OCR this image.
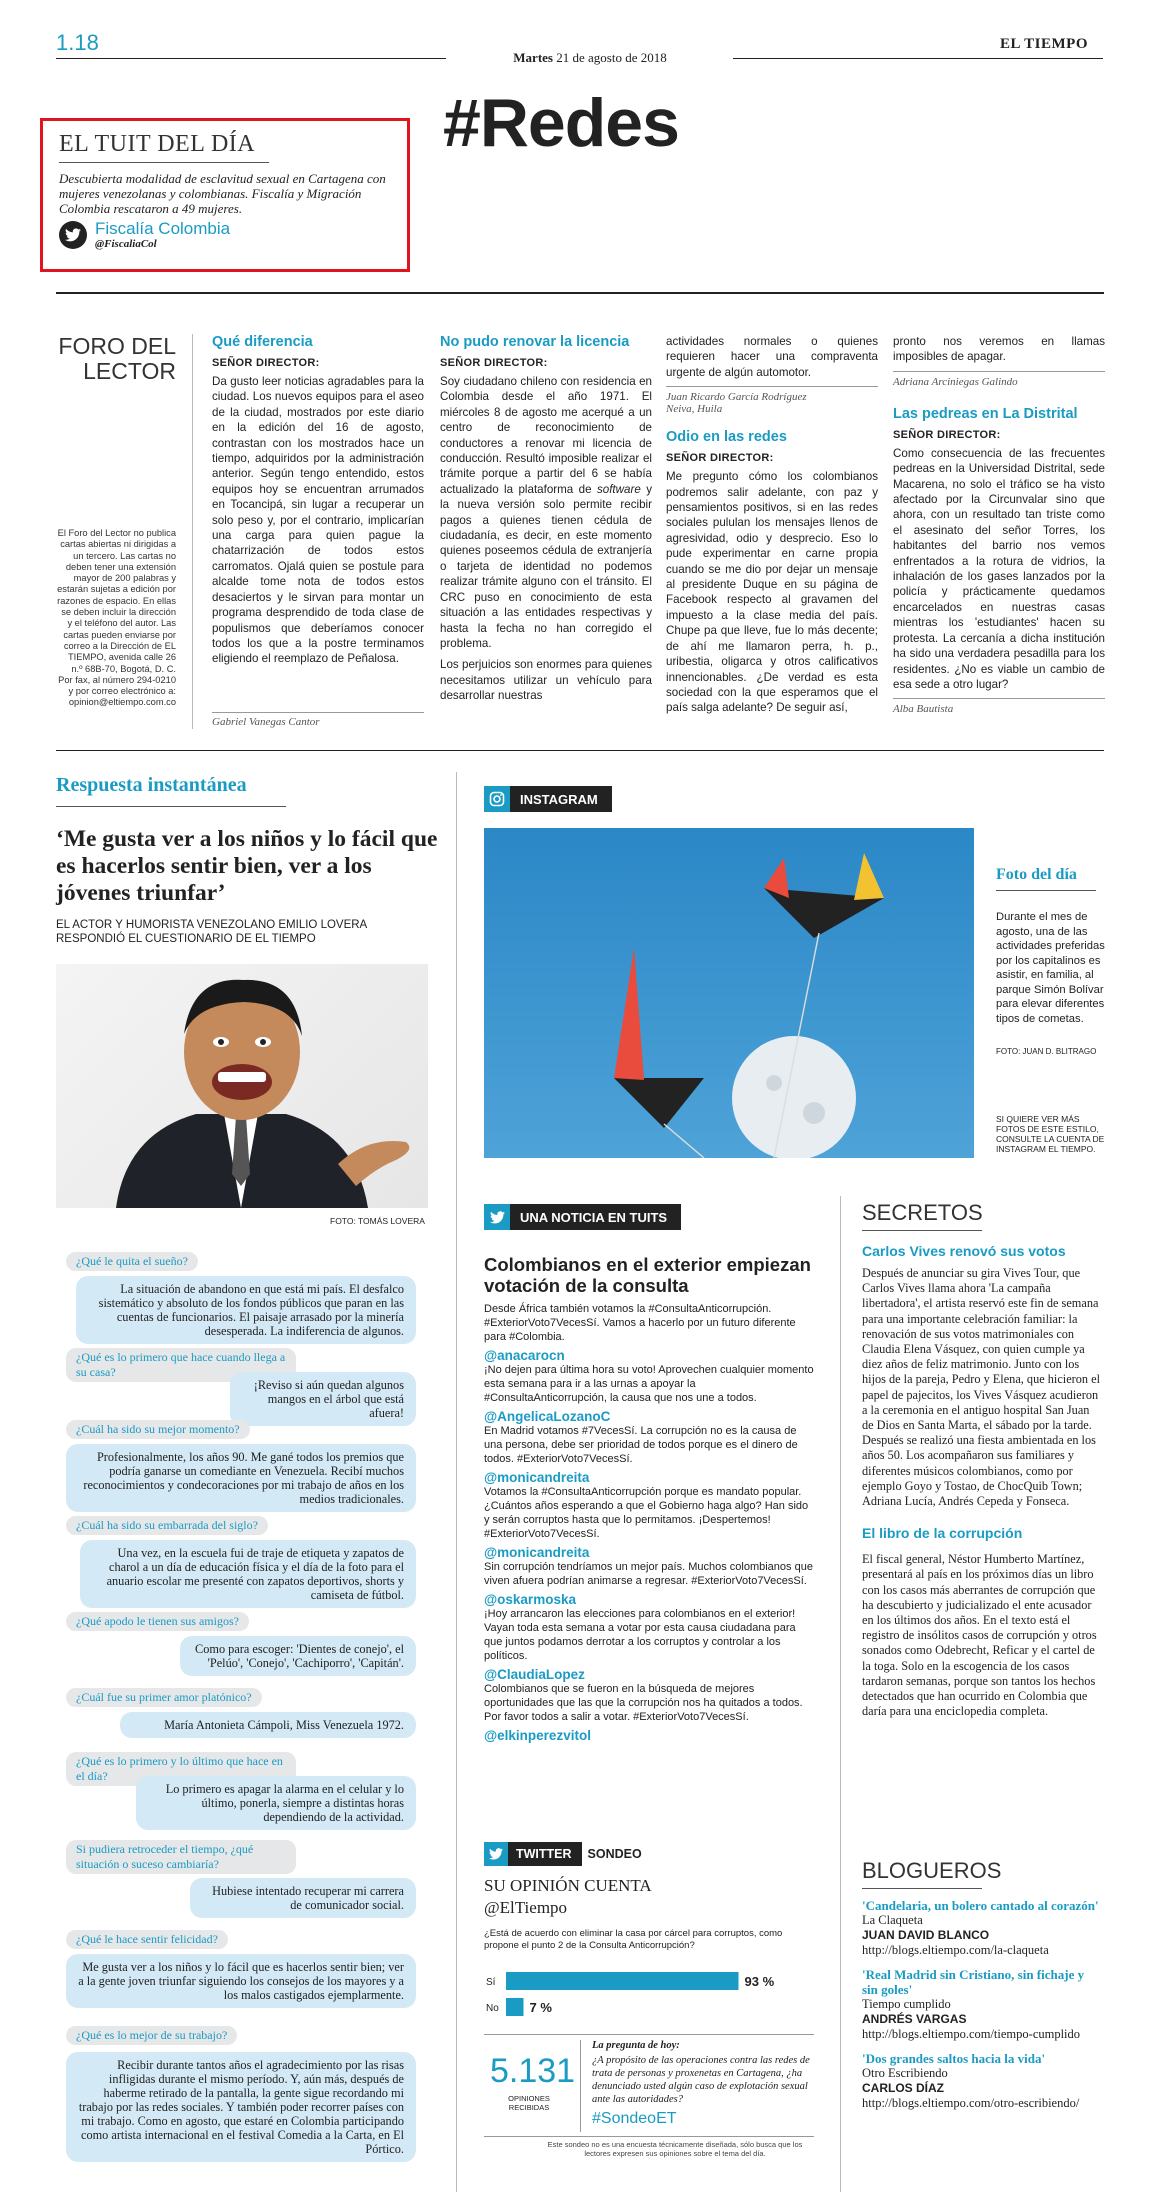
1.18
Martes 21 de agosto de 2018
EL TIEMPO
#Redes
EL TUIT DEL DÍA
Descubierta modalidad de esclavitud sexual en Cartagena con mujeres venezolanas y colombianas. Fiscalía y Migración Colombia rescataron a 49 mujeres.
Fiscalía Colombia
@FiscaliaCol
FORO DEL
LECTOR
El Foro del Lector no publica cartas abiertas ni dirigidas a un tercero. Las cartas no deben tener una extensión mayor de 200 palabras y estarán sujetas a edición por razones de espacio. En ellas se deben incluir la dirección y el teléfono del autor. Las cartas pueden enviarse por correo a la Dirección de EL TIEMPO, avenida calle 26 n.º 68B-70, Bogotá, D. C. Por fax, al número 294-0210 y por correo electrónico a: opinion@eltiempo.com.co
Qué diferencia
SEÑOR DIRECTOR:
Da gusto leer noticias agradables para la ciudad. Los nuevos equipos para el aseo de la ciudad, mostrados por este diario en la edición del 16 de agosto, contrastan con los mostrados hace un tiempo, adquiridos por la administración anterior. Según tengo entendido, estos equipos hoy se encuentran arrumados en Tocancipá, sin lugar a recuperar un solo peso y, por el contrario, implicarían una carga para quien pague la chatarrización de todos estos carromatos. Ojalá quien se postule para alcalde tome nota de todos estos desaciertos y le sirvan para montar un programa desprendido de toda clase de populismos que deberíamos conocer todos los que a la postre terminamos eligiendo el reemplazo de Peñalosa.
Gabriel Vanegas Cantor
No pudo renovar la licencia
SEÑOR DIRECTOR:
Soy ciudadano chileno con residencia en Colombia desde el año 1971. El miércoles 8 de agosto me acerqué a un centro de reconocimiento de conductores a renovar mi licencia de conducción. Resultó imposible realizar el trámite porque a partir del 6 se había actualizado la plataforma de software y la nueva versión solo permite recibir pagos a quienes tienen cédula de ciudadanía, es decir, en este momento quienes poseemos cédula de extranjería o tarjeta de identidad no podemos realizar trámite alguno con el tránsito. El CRC puso en conocimiento de esta situación a las entidades respectivas y hasta la fecha no han corregido el problema.
Los perjuicios son enormes para quienes necesitamos utilizar un vehículo para desarrollar nuestras
actividades normales o quienes requieren hacer una compraventa urgente de algún automotor.
Juan Ricardo García Rodríguez
Neiva, Huila
Odio en las redes
SEÑOR DIRECTOR:
Me pregunto cómo los colombianos podremos salir adelante, con paz y pensamientos positivos, si en las redes sociales pululan los mensajes llenos de agresividad, odio y desprecio. Eso lo pude experimentar en carne propia cuando se me dio por dejar un mensaje al presidente Duque en su página de Facebook respecto al gravamen del impuesto a la clase media del país. Chupe pa que lleve, fue lo más decente; de ahí me llamaron perra, h. p., uribestia, oligarca y otros calificativos innencionables. ¿De verdad es esta sociedad con la que esperamos que el país salga adelante? De seguir así,
pronto nos veremos en llamas imposibles de apagar.
Adriana Arciniegas Galindo
Las pedreas en La Distrital
SEÑOR DIRECTOR:
Como consecuencia de las frecuentes pedreas en la Universidad Distrital, sede Macarena, no solo el tráfico se ha visto afectado por la Circunvalar sino que ahora, con un resultado tan triste como el asesinato del señor Torres, los habitantes del barrio nos vemos enfrentados a la rotura de vidrios, la inhalación de los gases lanzados por la policía y prácticamente quedamos encarcelados en nuestras casas mientras los 'estudiantes' hacen su protesta. La cercanía a dicha institución ha sido una verdadera pesadilla para los residentes. ¿No es viable un cambio de esa sede a otro lugar?
Alba Bautista
Respuesta instantánea
‘Me gusta ver a los niños y lo fácil que es hacerlos sentir bien, ver a los jóvenes triunfar’
EL ACTOR Y HUMORISTA VENEZOLANO EMILIO LOVERA RESPONDIÓ EL CUESTIONARIO DE EL TIEMPO
FOTO: TOMÁS LOVERA
¿Qué le quita el sueño?
La situación de abandono en que está mi país. El desfalco sistemático y absoluto de los fondos públicos que paran en las cuentas de funcionarios. El paisaje arrasado por la minería desesperada. La indiferencia de algunos.
¿Qué es lo primero que hace cuando llega a su casa?
¡Reviso si aún quedan algunos mangos en el árbol que está afuera!
¿Cuál ha sido su mejor momento?
Profesionalmente, los años 90. Me gané todos los premios que podría ganarse un comediante en Venezuela. Recibí muchos reconocimientos y condecoraciones por mi trabajo de años en los medios tradicionales.
¿Cuál ha sido su embarrada del siglo?
Una vez, en la escuela fui de traje de etiqueta y zapatos de charol a un día de educación física y el día de la foto para el anuario escolar me presenté con zapatos deportivos, shorts y camiseta de fútbol.
¿Qué apodo le tienen sus amigos?
Como para escoger: 'Dientes de conejo', el 'Pelúo', 'Conejo', 'Cachiporro', 'Capitán'.
¿Cuál fue su primer amor platónico?
María Antonieta Cámpoli, Miss Venezuela 1972.
¿Qué es lo primero y lo último que hace en el día?
Lo primero es apagar la alarma en el celular y lo último, ponerla, siempre a distintas horas dependiendo de la actividad.
Si pudiera retroceder el tiempo, ¿qué situación o suceso cambiaría?
Hubiese intentado recuperar mi carrera de comunicador social.
¿Qué le hace sentir felicidad?
Me gusta ver a los niños y lo fácil que es hacerlos sentir bien; ver a la gente joven triunfar siguiendo los consejos de los mayores y a los malos castigados ejemplarmente.
¿Qué es lo mejor de su trabajo?
Recibir durante tantos años el agradecimiento por las risas infligidas durante el mismo período. Y, aún más, después de haberme retirado de la pantalla, la gente sigue recordando mi trabajo por las redes sociales. Y también poder recorrer países con mi trabajo. Como en agosto, que estaré en Colombia participando como artista internacional en el festival Comedia a la Carta, en El Pórtico.
INSTAGRAM
Foto del día
Durante el mes de agosto, una de las actividades preferidas por los capitalinos es asistir, en familia, al parque Simón Bolívar para elevar diferentes tipos de cometas.
FOTO: JUAN D. BLITRAGO
SI QUIERE VER MÁS FOTOS DE ESTE ESTILO, CONSULTE LA CUENTA DE INSTAGRAM EL TIEMPO.
UNA NOTICIA EN TUITS
Colombianos en el exterior empiezan votación de la consulta
Desde África también votamos la #ConsultaAnticorrupción. #ExteriorVoto7VecesSí. Vamos a hacerlo por un futuro diferente para #Colombia.
@anacarocn
¡No dejen para última hora su voto! Aprovechen cualquier momento esta semana para ir a las urnas a apoyar la #ConsultaAnticorrupción, la causa que nos une a todos.
@AngelicaLozanoC
En Madrid votamos #7VecesSí. La corrupción no es la causa de una persona, debe ser prioridad de todos porque es el dinero de todos. #ExteriorVoto7VecesSí.
@monicandreita
Votamos la #ConsultaAnticorrupción porque es mandato popular. ¿Cuántos años esperando a que el Gobierno haga algo? Han sido y serán corruptos hasta que lo permitamos. ¡Despertemos! #ExteriorVoto7VecesSí.
@monicandreita
Sin corrupción tendríamos un mejor país. Muchos colombianos que viven afuera podrían animarse a regresar. #ExteriorVoto7VecesSí.
@oskarmoska
¡Hoy arrancaron las elecciones para colombianos en el exterior! Vayan toda esta semana a votar por esta causa ciudadana para que juntos podamos derrotar a los corruptos y controlar a los políticos.
@ClaudiaLopez
Colombianos que se fueron en la búsqueda de mejores oportunidades que las que la corrupción nos ha quitados a todos. Por favor todos a salir a votar. #ExteriorVoto7VecesSí.
@elkinperezvitol
TWITTER SONDEO
SU OPINIÓN CUENTA
@ElTiempo
¿Está de acuerdo con eliminar la casa por cárcel para corruptos, como propone el punto 2 de la Consulta Anticorrupción?
Sí	93 %
No 7 %
5.131
OPINIONES RECIBIDAS
La pregunta de hoy:
¿A propósito de las operaciones contra las redes de trata de personas y proxenetas en Cartagena, ¿ha denunciado usted algún caso de explotación sexual ante las autoridades?
#SondeoET
Este sondeo no es una encuesta técnicamente diseñada, sólo busca que los lectores expresen sus opiniones sobre el tema del día.
SECRETOS
Carlos Vives renovó sus votos
Después de anunciar su gira Vives Tour, que Carlos Vives llama ahora 'La campaña libertadora', el artista reservó este fin de semana para una importante celebración familiar: la renovación de sus votos matrimoniales con Claudia Elena Vásquez, con quien cumple ya diez años de feliz matrimonio. Junto con los hijos de la pareja, Pedro y Elena, que hicieron el papel de pajecitos, los Vives Vásquez acudieron a la ceremonia en el antiguo hospital San Juan de Dios en Santa Marta, el sábado por la tarde. Después se realizó una fiesta ambientada en los años 50. Los acompañaron sus familiares y diferentes músicos colombianos, como por ejemplo Goyo y Tostao, de ChocQuib Town; Adriana Lucía, Andrés Cepeda y Fonseca.
El libro de la corrupción
El fiscal general, Néstor Humberto Martínez, presentará al país en los próximos días un libro con los casos más aberrantes de corrupción que ha descubierto y judicializado el ente acusador en los últimos dos años. En el texto está el registro de insólitos casos de corrupción y otros sonados como Odebrecht, Reficar y el cartel de la toga. Solo en la escogencia de los casos tardaron semanas, porque son tantos los hechos detectados que han ocurrido en Colombia que daría para una enciclopedia completa.
BLOGUEROS
'Candelaria, un bolero cantado al corazón'
La Claqueta
JUAN DAVID BLANCO
http://blogs.eltiempo.com/la-claqueta
'Real Madrid sin Cristiano, sin fichaje y sin goles'
Tiempo cumplido
ANDRÉS VARGAS
http://blogs.eltiempo.com/tiempo-cumplido
'Dos grandes saltos hacia la vida'
Otro Escribiendo
CARLOS DÍAZ
http://blogs.eltiempo.com/otro-escribiendo/
